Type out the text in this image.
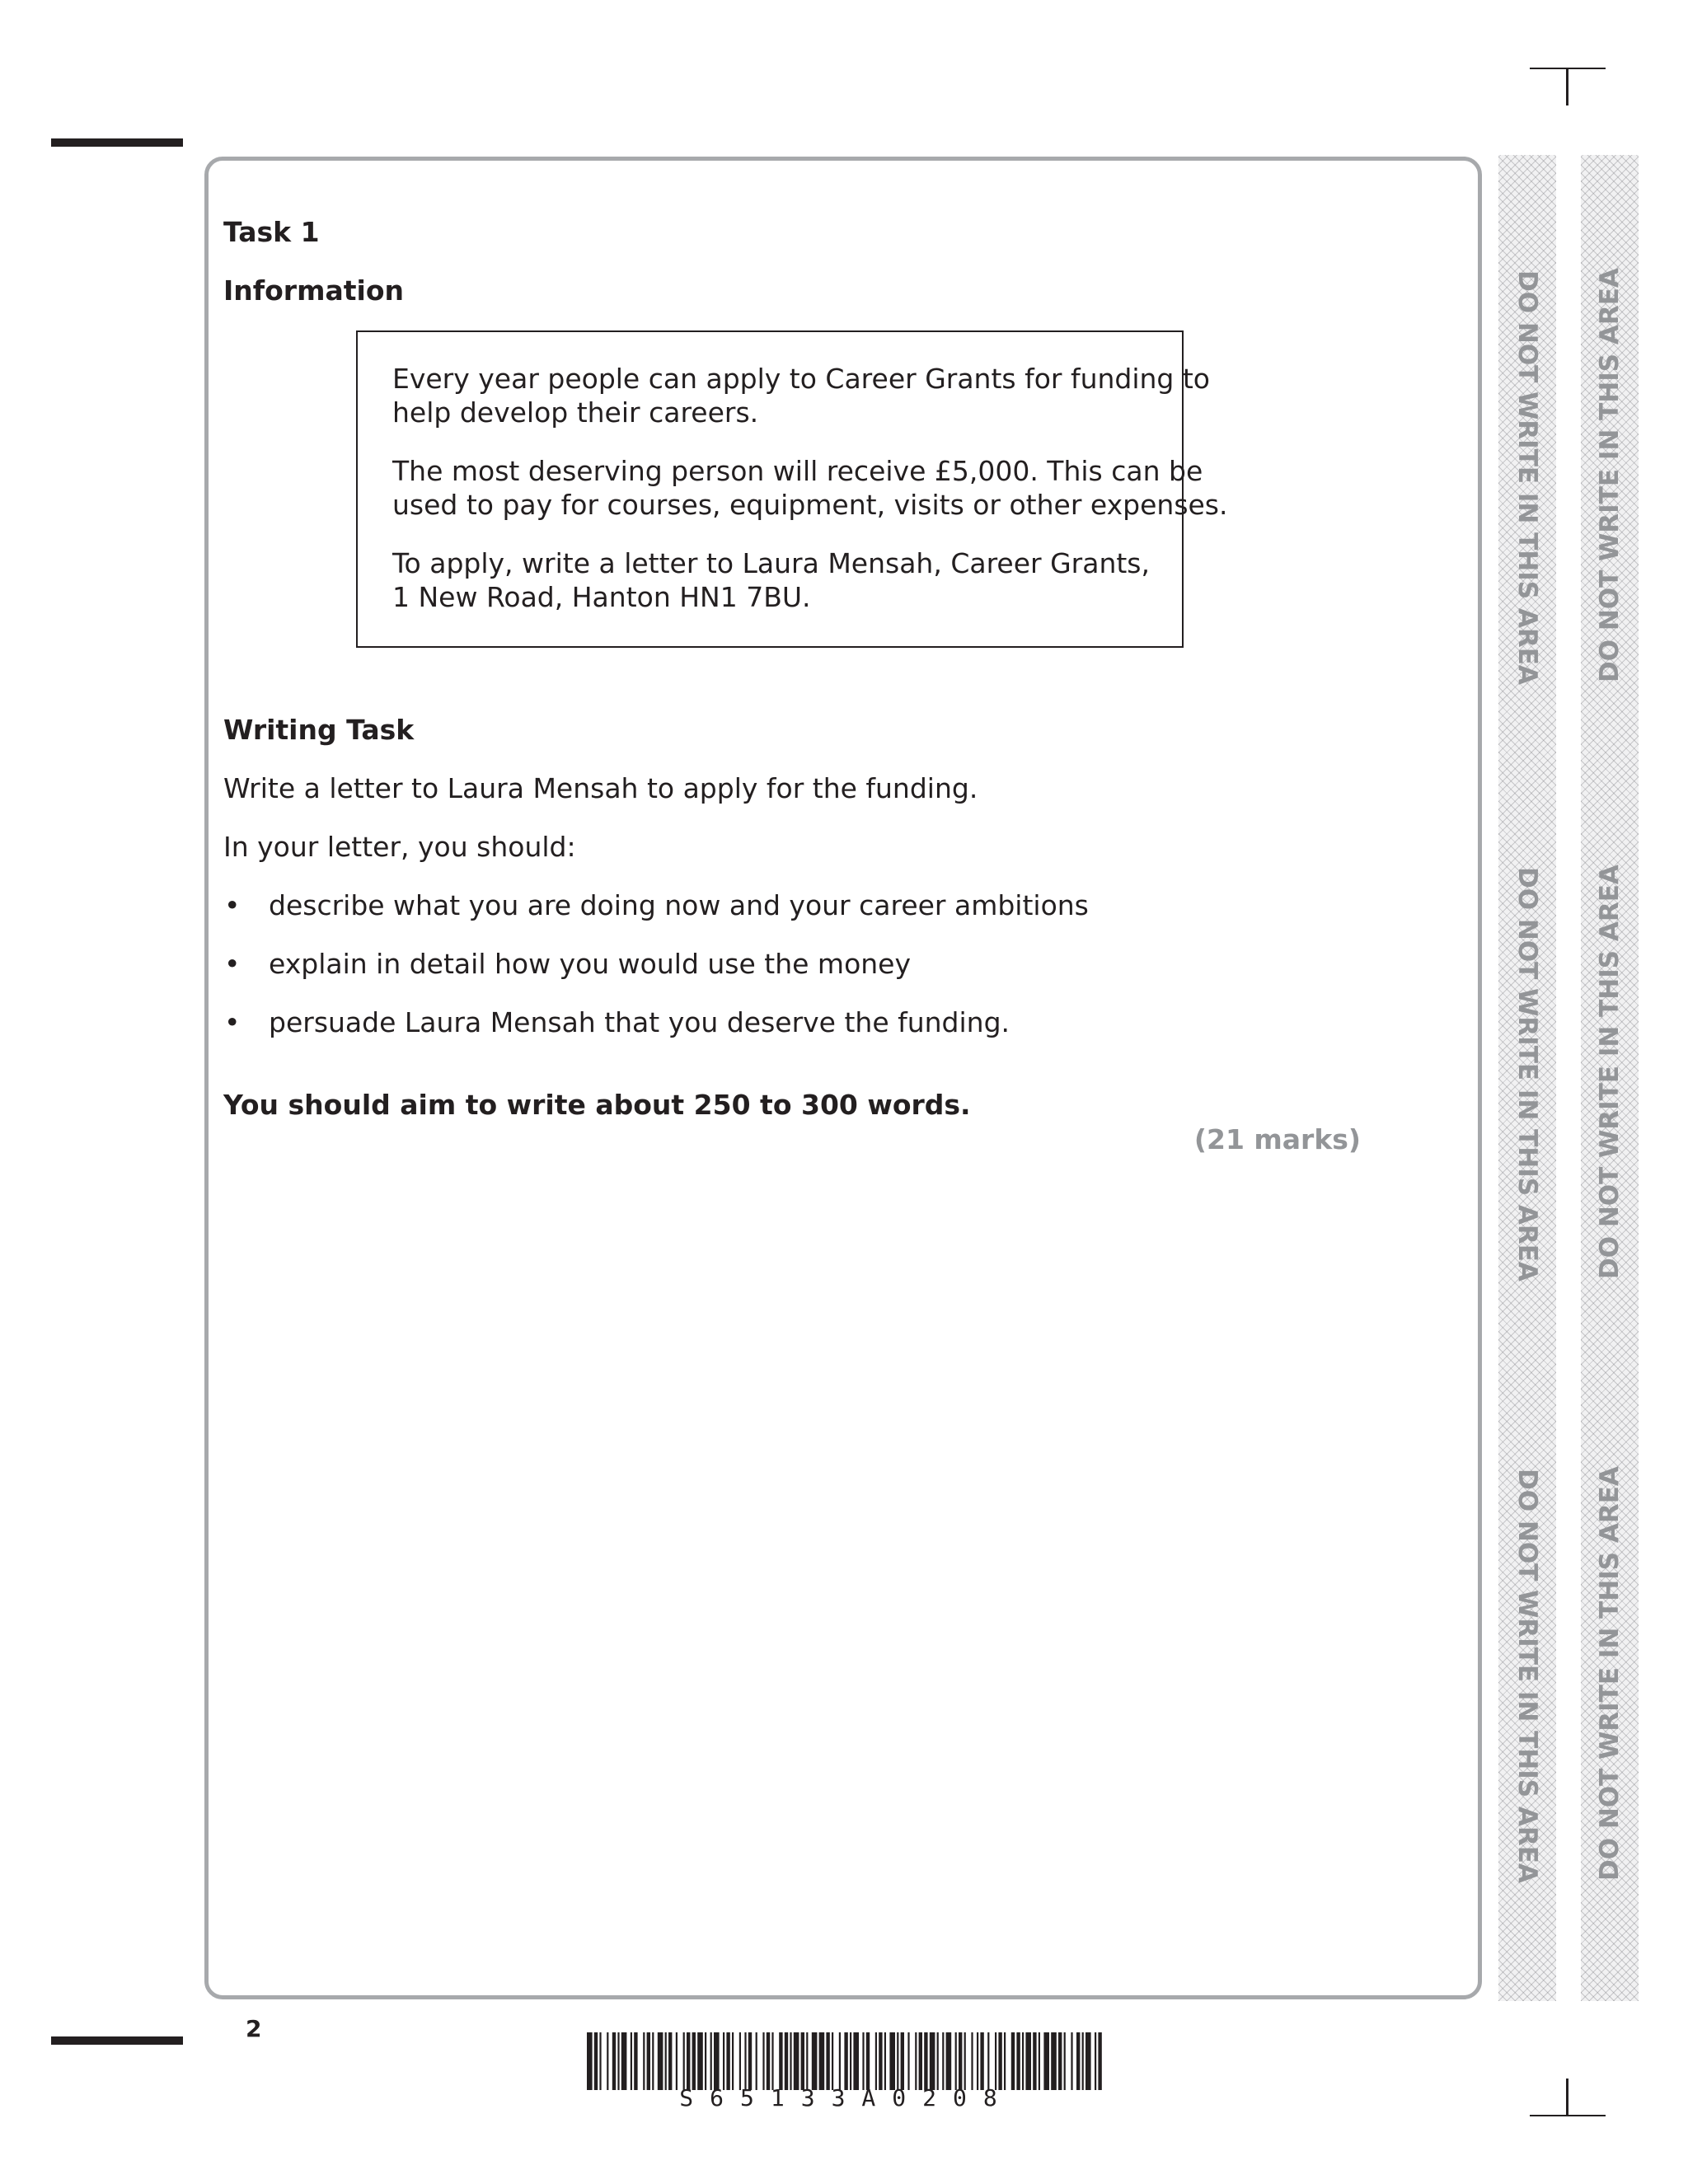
Task 1
Information
Every year people can apply to Career Grants for funding to
help develop their careers.
The most deserving person will receive £5,000. This can be
used to pay for courses, equipment, visits or other expenses.
To apply, write a letter to Laura Mensah, Career Grants,
1 New Road, Hanton HN1 7BU.
Writing Task
Write a letter to Laura Mensah to apply for the funding.
In your letter, you should:
• describe what you are doing now and your career ambitions
• explain in detail how you would use the money
• persuade Laura Mensah that you deserve the funding.
You should aim to write about 250 to 300 words.
(21 marks)
DO NOT WRITE IN THIS AREA
DO NOT WRITE IN THIS AREA
DO NOT WRITE IN THIS AREA
DO NOT WRITE IN THIS AREA
DO NOT WRITE IN THIS AREA
DO NOT WRITE IN THIS AREA
2
S65133A0208
